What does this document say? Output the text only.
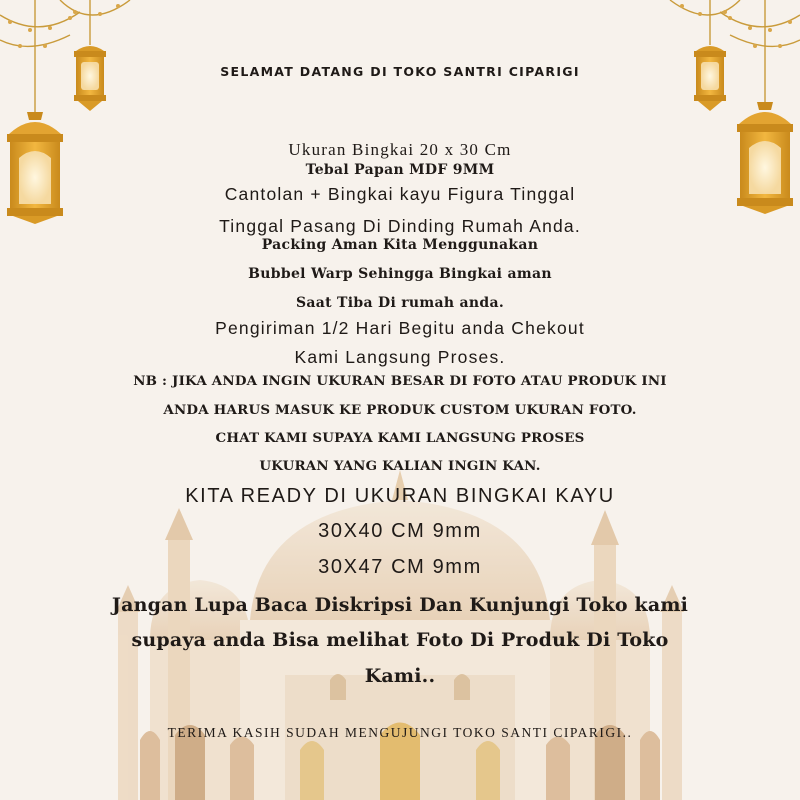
SELAMAT DATANG DI TOKO SANTRI CIPARIGI

Ukuran Bingkai 20 x 30 Cm

Tebal Papan MDF 9MM

Cantolan + Bingkai kayu Figura Tinggal

Tinggal Pasang Di Dinding Rumah Anda.

Packing Aman Kita Menggunakan

Bubbel Warp Sehingga Bingkai aman

Saat Tiba Di rumah anda.

Pengiriman 1/2 Hari Begitu anda Chekout

Kami Langsung Proses.

NB : JIKA ANDA INGIN UKURAN BESAR DI FOTO ATAU PRODUK INI

ANDA HARUS MASUK KE PRODUK CUSTOM UKURAN FOTO.

CHAT KAMI SUPAYA KAMI LANGSUNG PROSES

UKURAN YANG KALIAN INGIN KAN.

KITA READY DI UKURAN BINGKAI KAYU

30X40 CM 9mm

30X47 CM 9mm

Jangan Lupa Baca Diskripsi Dan Kunjungi Toko kami

supaya anda Bisa melihat Foto Di Produk Di Toko

Kami..

TERIMA KASIH SUDAH MENGUJUNGI TOKO SANTI CIPARIGI..
